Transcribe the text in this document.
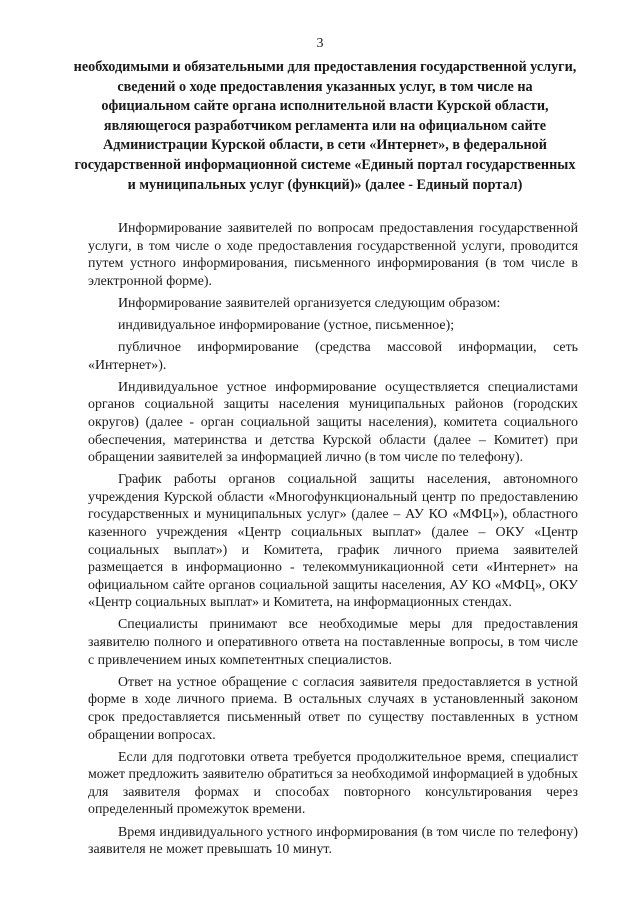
3
необходимыми и обязательными для предоставления государственной услуги, сведений о ходе предоставления указанных услуг, в том числе на официальном сайте органа исполнительной власти Курской области, являющегося разработчиком регламента или на официальном сайте Администрации Курской области, в сети «Интернет», в федеральной государственной информационной системе «Единый портал государственных и муниципальных услуг (функций)» (далее - Единый портал)

Информирование заявителей по вопросам предоставления государственной услуги, в том числе о ходе предоставления государственной услуги, проводится путем устного информирования, письменного информирования (в том числе в электронной форме).

Информирование заявителей организуется следующим образом:

индивидуальное информирование (устное, письменное);

публичное информирование (средства массовой информации, сеть «Интернет»).

Индивидуальное устное информирование осуществляется специалистами органов социальной защиты населения муниципальных районов (городских округов) (далее - орган социальной защиты населения), комитета социального обеспечения, материнства и детства Курской области (далее – Комитет) при обращении заявителей за информацией лично (в том числе по телефону).

График работы органов социальной защиты населения, автономного учреждения Курской области «Многофункциональный центр по предоставлению государственных и муниципальных услуг» (далее – АУ КО «МФЦ»), областного казенного учреждения «Центр социальных выплат» (далее – ОКУ «Центр социальных выплат») и Комитета, график личного приема заявителей размещается в информационно - телекоммуникационной сети «Интернет» на официальном сайте органов социальной защиты населения, АУ КО «МФЦ», ОКУ «Центр социальных выплат» и Комитета, на информационных стендах.

Специалисты принимают все необходимые меры для предоставления заявителю полного и оперативного ответа на поставленные вопросы, в том числе с привлечением иных компетентных специалистов.

Ответ на устное обращение с согласия заявителя предоставляется в устной форме в ходе личного приема. В остальных случаях в установленный законом срок предоставляется письменный ответ по существу поставленных в устном обращении вопросах.

Если для подготовки ответа требуется продолжительное время, специалист может предложить заявителю обратиться за необходимой информацией в удобных для заявителя формах и способах повторного консультирования через определенный промежуток времени.

Время индивидуального устного информирования (в том числе по телефону) заявителя не может превышать 10 минут.
